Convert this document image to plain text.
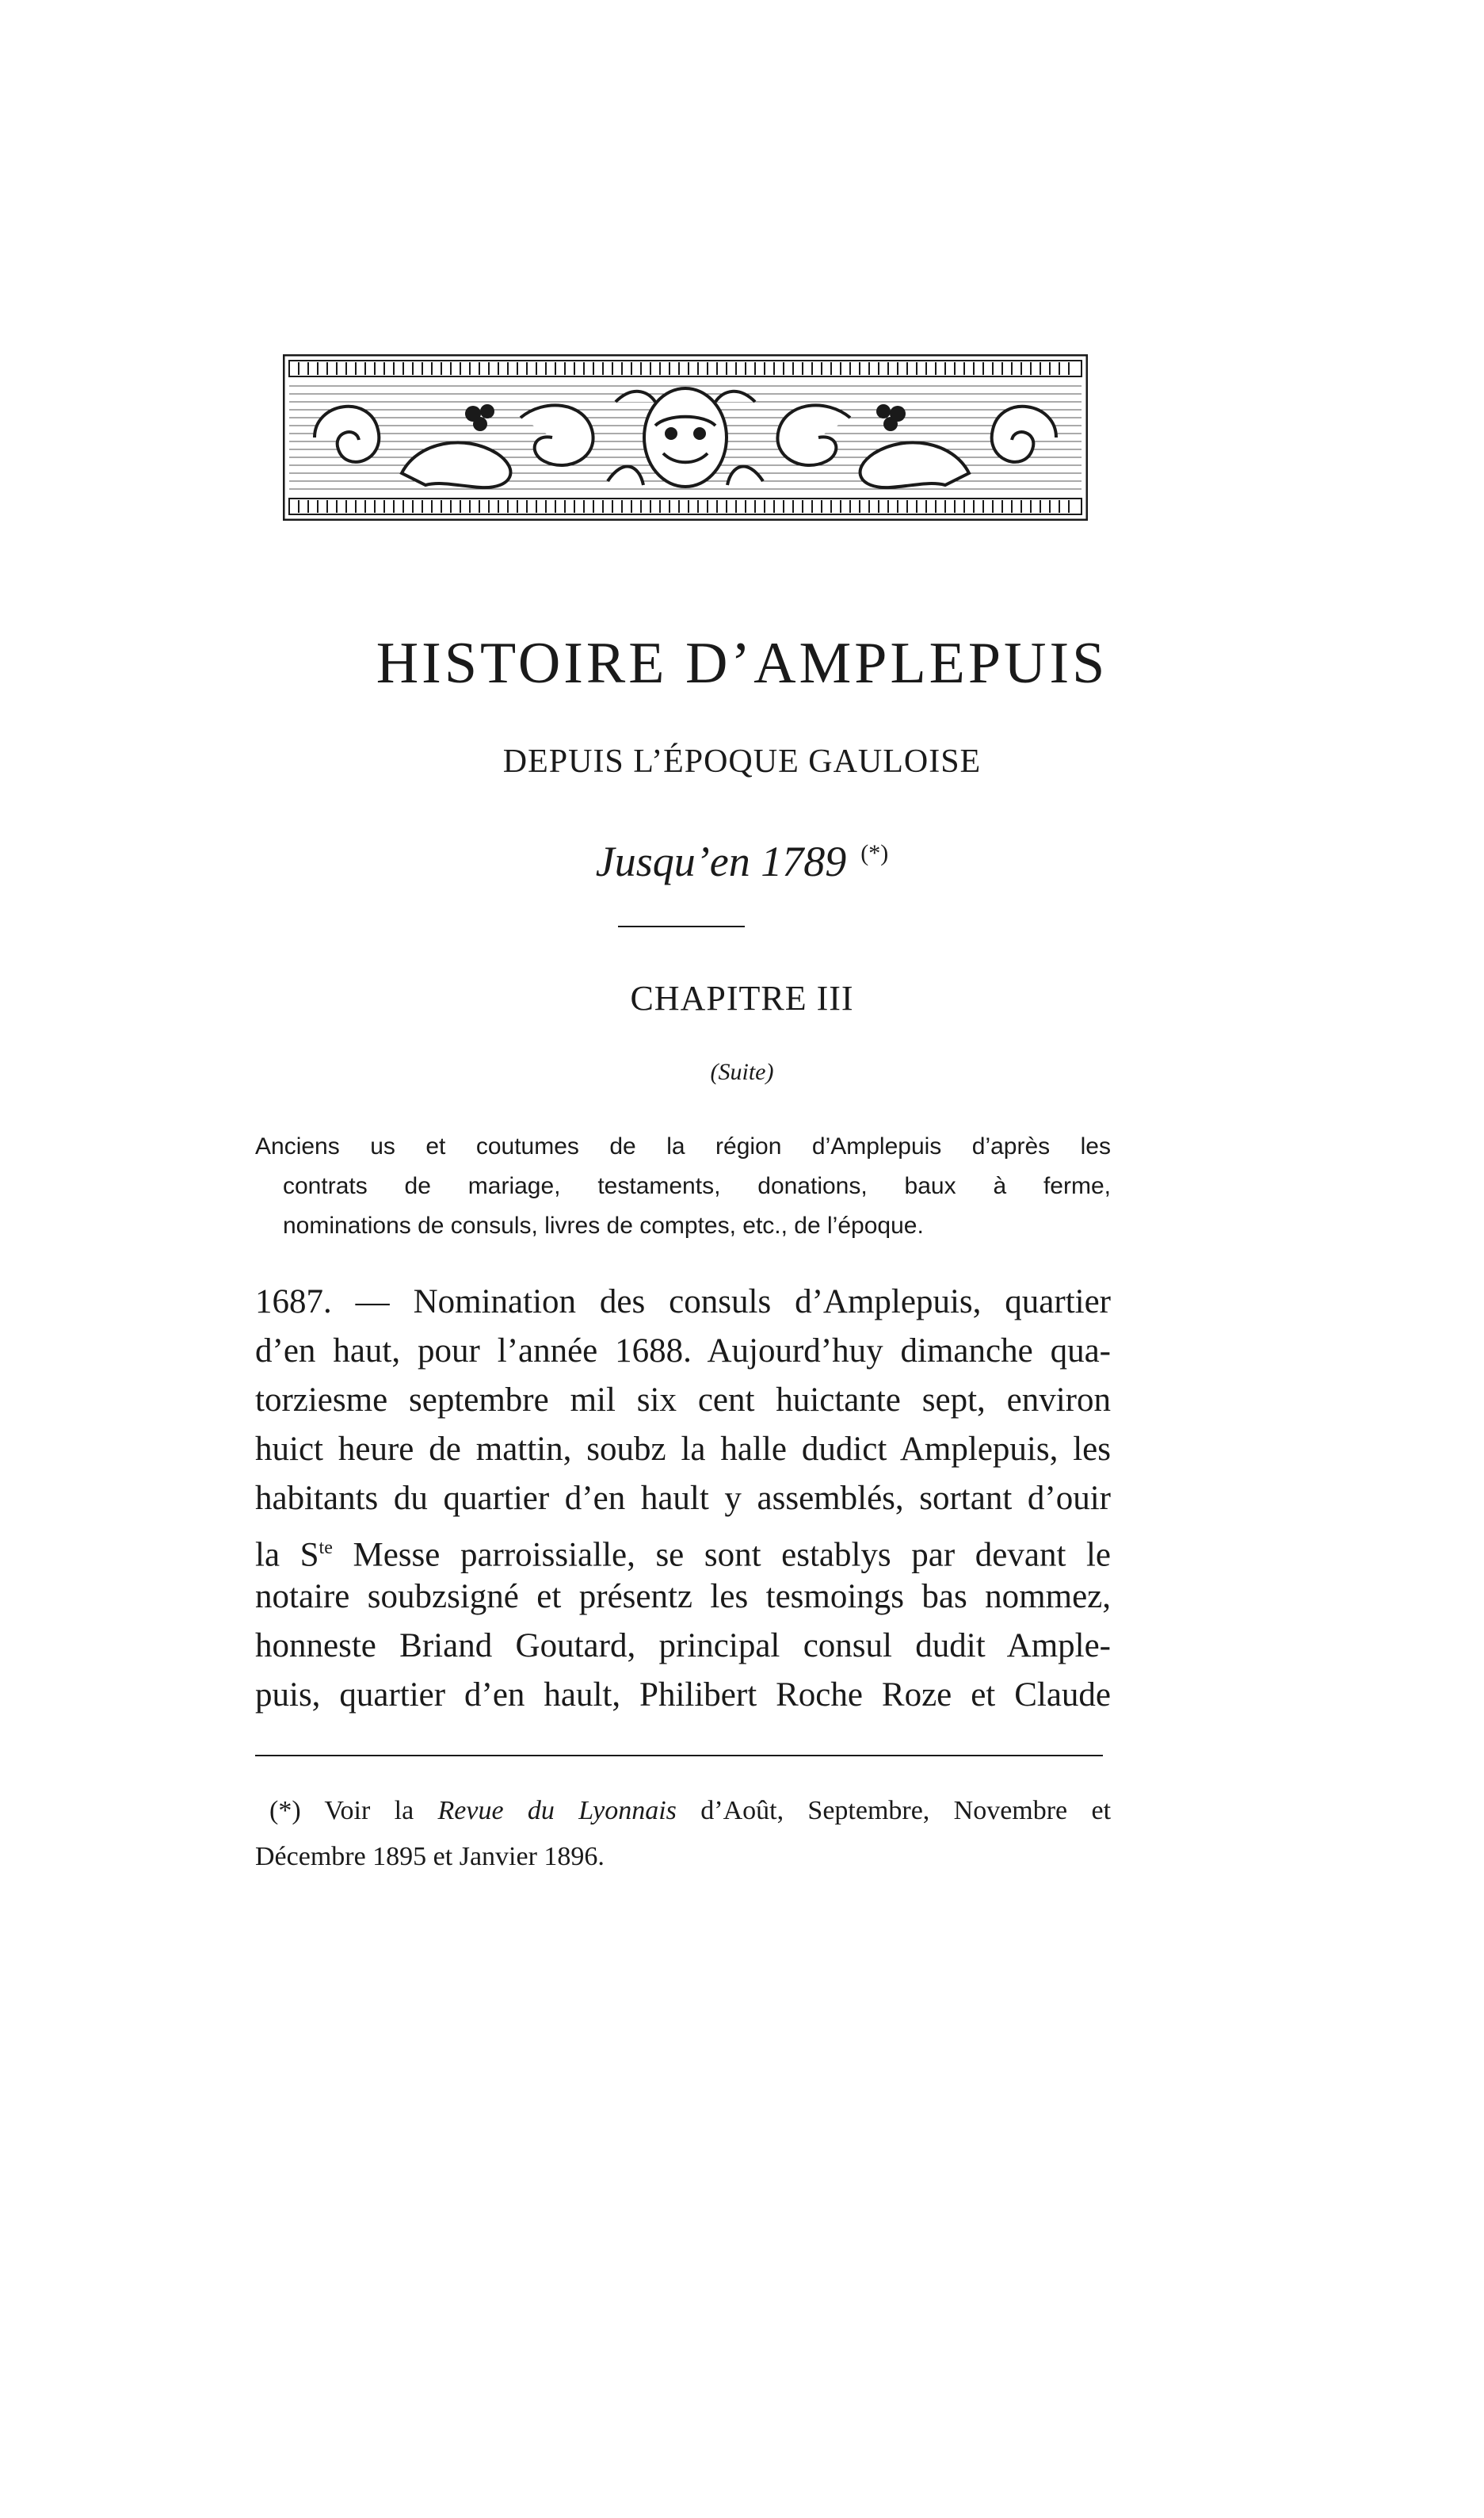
HISTOIRE D’AMPLEPUIS
DEPUIS L’ÉPOQUE GAULOISE
Jusqu’en 1789 (*)
CHAPITRE III
(Suite)
Anciens us et coutumes de la région d’Amplepuis d’après les
contrats de mariage, testaments, donations, baux à ferme,
nominations de consuls, livres de comptes, etc., de l’époque.
1687. — Nomination des consuls d’Amplepuis, quartier
d’en haut, pour l’année 1688. Aujourd’huy dimanche qua-
torziesme septembre mil six cent huictante sept, environ
huict heure de mattin, soubz la halle dudict Amplepuis, les
habitants du quartier d’en hault y assemblés, sortant d’ouir
la $S^{te}$ Messe parroissialle, se sont establys par devant le
notaire soubzsigné et présentz les tesmoings bas nommez,
honneste Briand Goutard, principal consul dudit Ample-
puis, quartier d’en hault, Philibert Roche Roze et Claude
(*) Voir la Revue du Lyonnais d’Août, Septembre, Novembre et
Décembre 1895 et Janvier 1896.
